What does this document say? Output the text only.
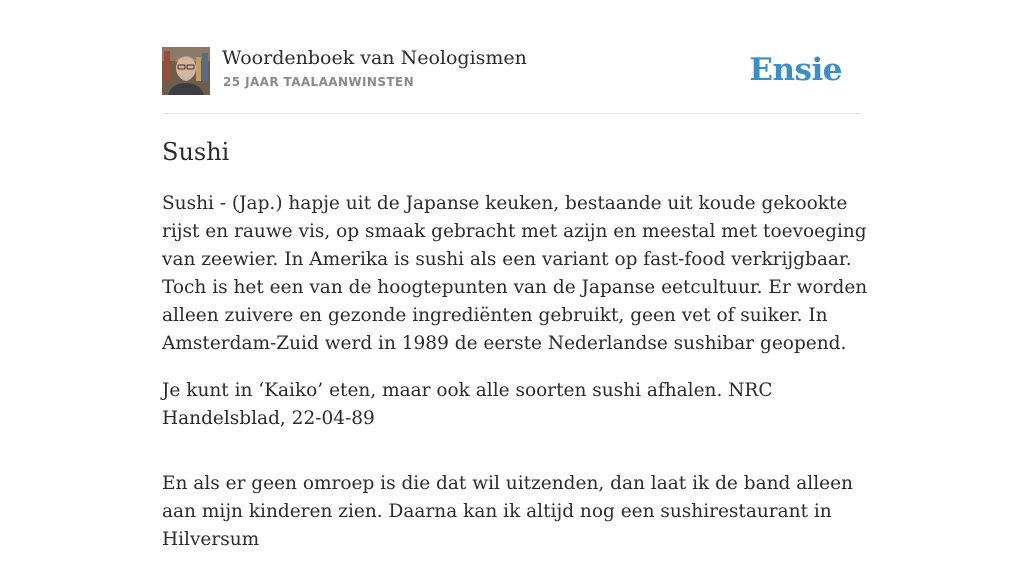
Woordenboek van Neologismen
25 JAAR TAALAANWINSTEN	Ensie
Sushi

Sushi - (Jap.) hapje uit de Japanse keuken, bestaande uit koude gekookte rijst en rauwe vis, op smaak gebracht met azijn en meestal met toevoeging van zeewier. In Amerika is sushi als een variant op fast-food verkrijgbaar. Toch is het een van de hoogtepunten van de Japanse eetcultuur. Er worden alleen zuivere en gezonde ingrediënten gebruikt, geen vet of suiker. In Amsterdam-Zuid werd in 1989 de eerste Nederlandse sushibar geopend.

Je kunt in ‘Kaiko’ eten, maar ook alle soorten sushi afhalen. NRC Handelsblad, 22-04-89

En als er geen omroep is die dat wil uitzenden, dan laat ik de band alleen aan mijn kinderen zien. Daarna kan ik altijd nog een sushirestaurant in Hilversum
